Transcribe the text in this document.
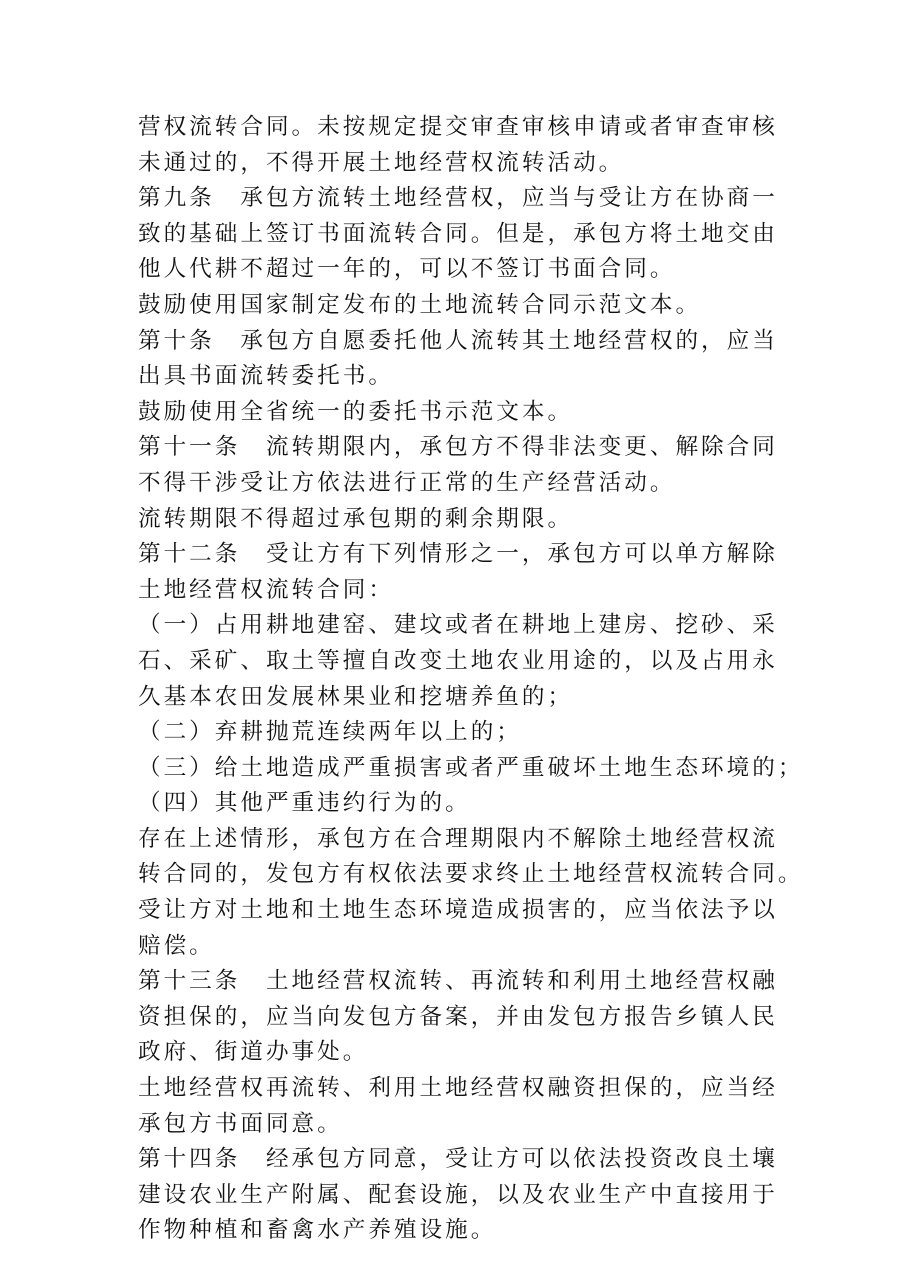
营权流转合同。未按规定提交审查审核申请或者审查审核
未通过的，不得开展土地经营权流转活动。
第九条　承包方流转土地经营权，应当与受让方在协商一
致的基础上签订书面流转合同。但是，承包方将土地交由
他人代耕不超过一年的，可以不签订书面合同。
鼓励使用国家制定发布的土地流转合同示范文本。
第十条　承包方自愿委托他人流转其土地经营权的，应当
出具书面流转委托书。
鼓励使用全省统一的委托书示范文本。
第十一条　流转期限内，承包方不得非法变更、解除合同
不得干涉受让方依法进行正常的生产经营活动。
流转期限不得超过承包期的剩余期限。
第十二条　受让方有下列情形之一，承包方可以单方解除
土地经营权流转合同：
（一）占用耕地建窑、建坟或者在耕地上建房、挖砂、采
石、采矿、取土等擅自改变土地农业用途的，以及占用永
久基本农田发展林果业和挖塘养鱼的；
（二）弃耕抛荒连续两年以上的；
（三）给土地造成严重损害或者严重破坏土地生态环境的；
（四）其他严重违约行为的。
存在上述情形，承包方在合理期限内不解除土地经营权流
转合同的，发包方有权依法要求终止土地经营权流转合同。
受让方对土地和土地生态环境造成损害的，应当依法予以
赔偿。
第十三条　土地经营权流转、再流转和利用土地经营权融
资担保的，应当向发包方备案，并由发包方报告乡镇人民
政府、街道办事处。
土地经营权再流转、利用土地经营权融资担保的，应当经
承包方书面同意。
第十四条　经承包方同意，受让方可以依法投资改良土壤
建设农业生产附属、配套设施，以及农业生产中直接用于
作物种植和畜禽水产养殖设施。
